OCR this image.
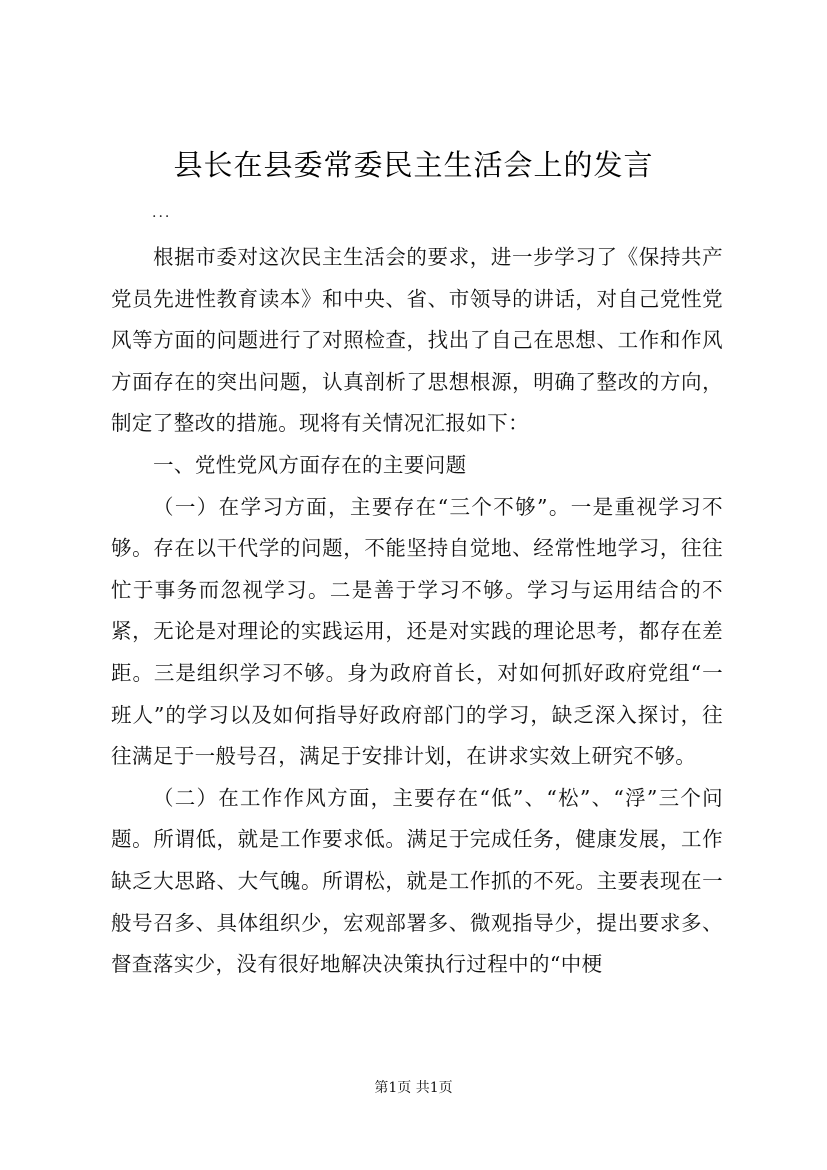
县长在县委常委民主生活会上的发言
...

根据市委对这次民主生活会的要求，进一步学习了《保持共产党员先进性教育读本》和中央、省、市领导的讲话，对自己党性党风等方面的问题进行了对照检查，找出了自己在思想、工作和作风方面存在的突出问题，认真剖析了思想根源，明确了整改的方向，制定了整改的措施。现将有关情况汇报如下：

一、党性党风方面存在的主要问题

（一）在学习方面，主要存在“三个不够”。一是重视学习不够。存在以干代学的问题，不能坚持自觉地、经常性地学习，往往忙于事务而忽视学习。二是善于学习不够。学习与运用结合的不紧，无论是对理论的实践运用，还是对实践的理论思考，都存在差距。三是组织学习不够。身为政府首长，对如何抓好政府党组“一班人”的学习以及如何指导好政府部门的学习，缺乏深入探讨，往往满足于一般号召，满足于安排计划，在讲求实效上研究不够。

（二）在工作作风方面，主要存在“低”、“松”、“浮”三个问题。所谓低，就是工作要求低。满足于完成任务，健康发展，工作缺乏大思路、大气魄。所谓松，就是工作抓的不死。主要表现在一般号召多、具体组织少，宏观部署多、微观指导少，提出要求多、督查落实少，没有很好地解决决策执行过程中的“中梗

第1页 共1页
